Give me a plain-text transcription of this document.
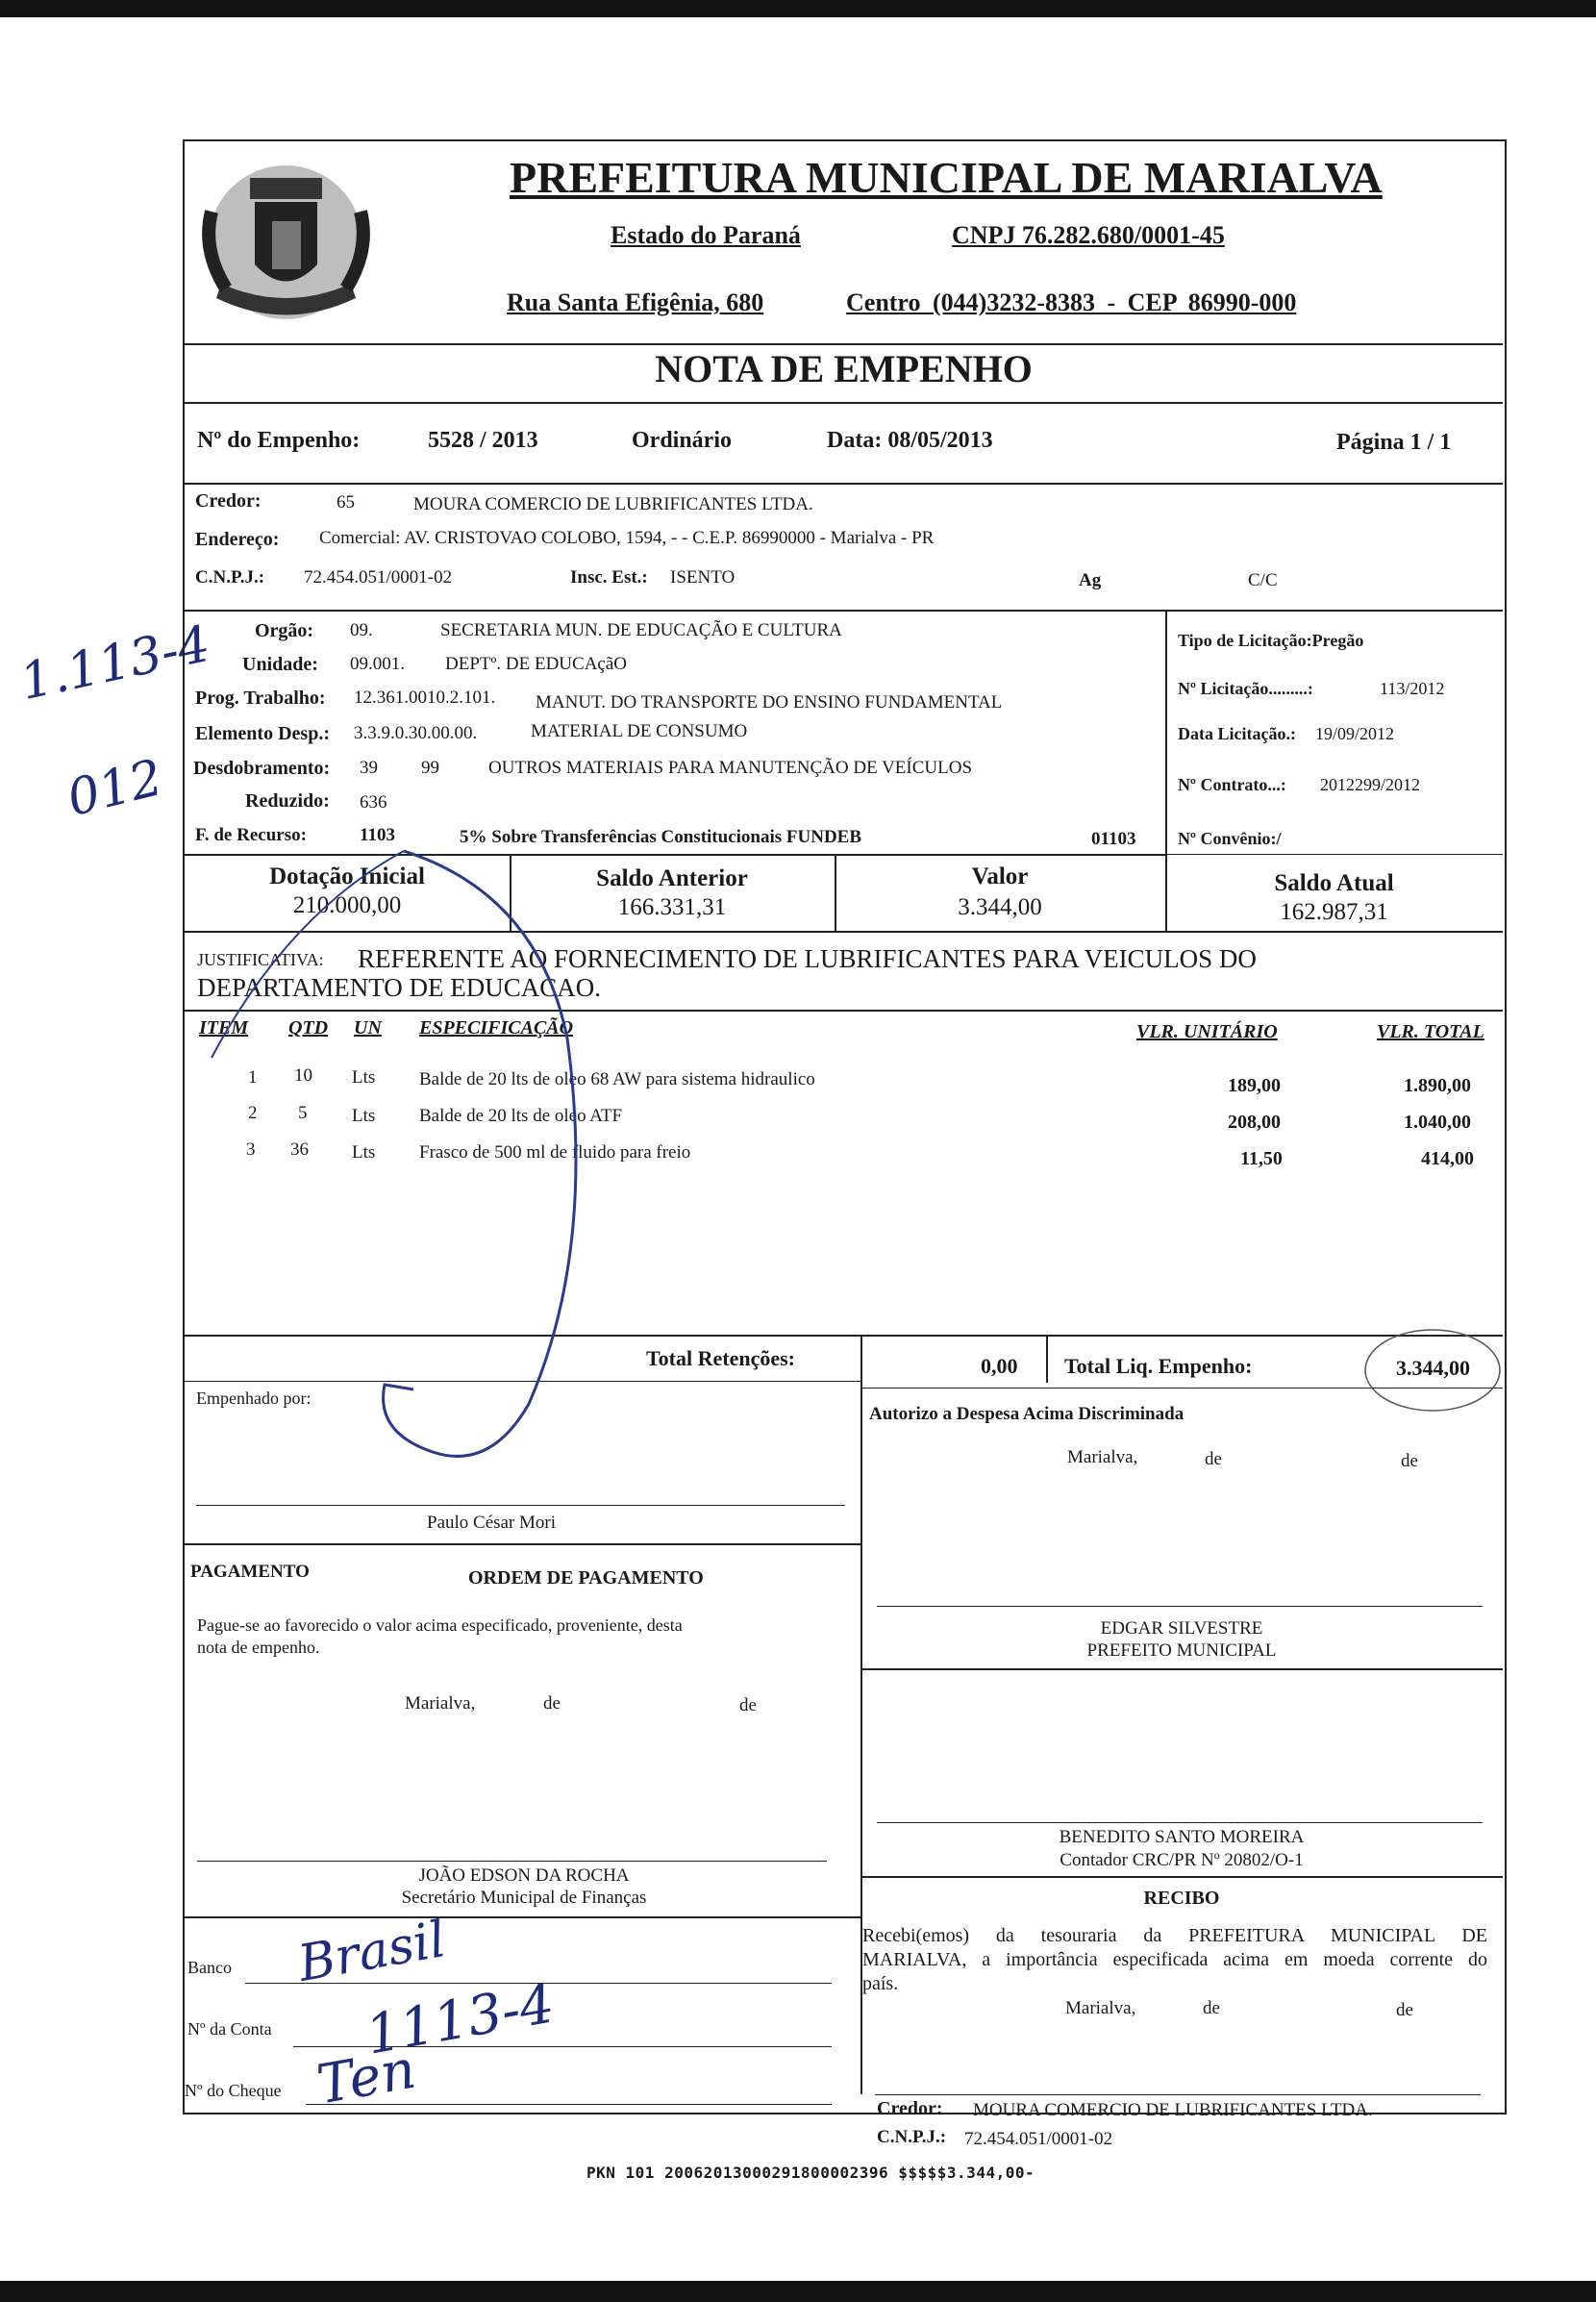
1.113-4
012
PREFEITURA MUNICIPAL DE MARIALVA
Estado do Paraná	CNPJ 76.282.680/0001-45
Rua Santa Efigênia, 680	Centro (044)3232-8383 - CEP 86990-000
NOTA DE EMPENHO
Nº do Empenho:	5528 / 2013	Ordinário	Data: 08/05/2013	Página 1 / 1
Credor:	65	MOURA COMERCIO DE LUBRIFICANTES LTDA.
Endereço: Comercial: AV. CRISTOVAO COLOBO, 1594, - - C.E.P. 86990000 - Marialva - PR
C.N.P.J.: 72.454.051/0001-02	Insc. Est.: ISENTO	Ag	C/C
Orgão: 09.	SECRETARIA MUN. DE EDUCAÇÃO E CULTURA
Unidade: 09.001. DEPTº. DE EDUCAçãO
Prog. Trabalho: 12.361.0010.2.101. MANUT. DO TRANSPORTE DO ENSINO FUNDAMENTAL
Elemento Desp.: 3.3.9.0.30.00.00.	MATERIAL DE CONSUMO
Desdobramento: 39 99	OUTROS MATERIAIS PARA MANUTENÇÃO DE VEÍCULOS
Reduzido: 636
F. de Recurso:	1103	5% Sobre Transferências Constitucionais FUNDEB	01103
Tipo de Licitação:Pregão
Nº Licitação.........:	113/2012
Data Licitação.: 19/09/2012
Nº Contrato...: 2012299/2012
Nº Convênio:/
Dotação Inicial
210.000,00
Saldo Anterior
166.331,31
Valor
3.344,00
Saldo Atual
162.987,31
JUSTIFICATIVA: REFERENTE AO FORNECIMENTO DE LUBRIFICANTES PARA VEICULOS DO
DEPARTAMENTO DE EDUCACAO.
ITEM QTD UN ESPECIFICAÇÃO	VLR. UNITÁRIO	VLR. TOTAL
1 10 Lts Balde de 20 lts de oleo 68 AW para sistema hidraulico	189,00	1.890,00
2 5 Lts Balde de 20 lts de oleo ATF	208,00	1.040,00
3 36 Lts Frasco de 500 ml de fluido para freio	11,50	414,00
Total Retenções:	0,00 Total Liq. Empenho:	3.344,00
Empenhado por:
Paulo César Mori
Autorizo a Despesa Acima Discriminada
Marialva,	de	de
EDGAR SILVESTRE
PREFEITO MUNICIPAL
PAGAMENTO	ORDEM DE PAGAMENTO
Pague-se ao favorecido o valor acima especificado, proveniente, desta
nota de empenho.
Marialva,	de	de
JOÃO EDSON DA ROCHA
Secretário Municipal de Finanças
Banco Brasil
Nº da Conta 1113-4
Nº do Cheque Ten
BENEDITO SANTO MOREIRA
Contador CRC/PR Nº 20802/O-1
RECIBO
Recebi(emos) da tesouraria da PREFEITURA MUNICIPAL DE
MARIALVA, a importância especificada acima em moeda corrente do
país.
Marialva,	de	de
Credor: MOURA COMERCIO DE LUBRIFICANTES LTDA.
C.N.P.J.: 72.454.051/0001-02
PKN 101 20062013000291800002396 $$$$$3.344,00-
